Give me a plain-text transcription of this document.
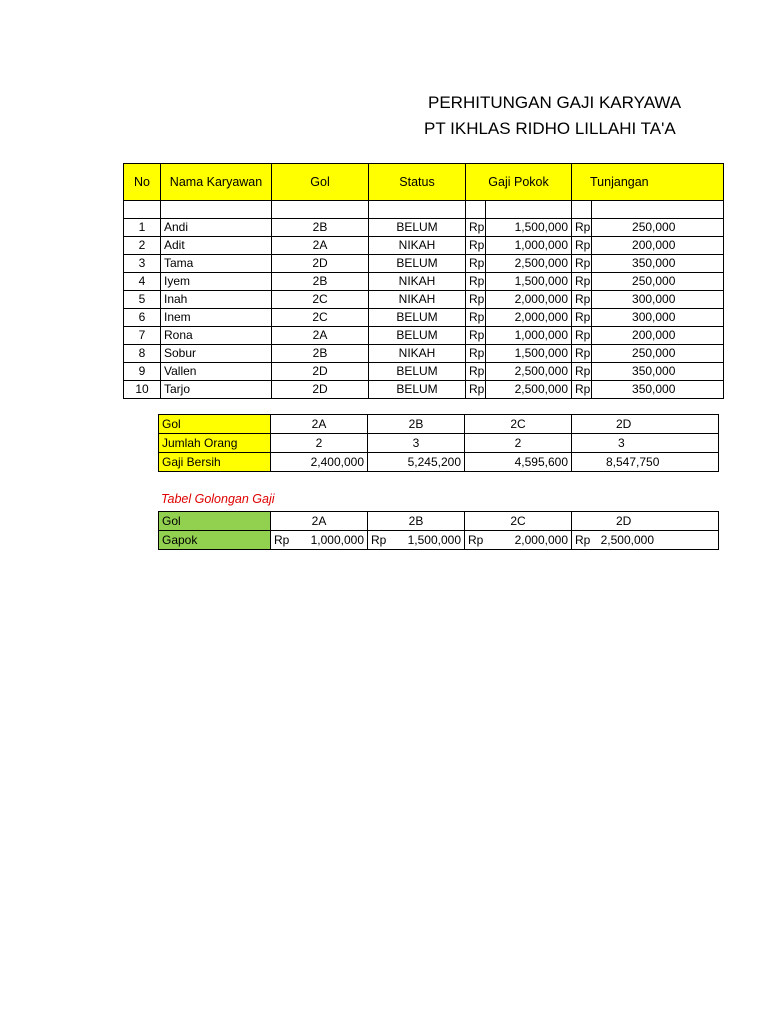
PERHITUNGAN GAJI KARYAWA
PT IKHLAS RIDHO LILLAHI TA'A
No	Nama Karyawan	Gol	Status	Gaji Pokok		Tunjangan	

1	Andi	2B	BELUM	Rp	1,500,000	Rp	250,000
2	Adit	2A	NIKAH	Rp	1,000,000	Rp	200,000
3	Tama	2D	BELUM	Rp	2,500,000	Rp	350,000
4	Iyem	2B	NIKAH	Rp	1,500,000	Rp	250,000
5	Inah	2C	NIKAH	Rp	2,000,000	Rp	300,000
6	Inem	2C	BELUM	Rp	2,000,000	Rp	300,000
7	Rona	2A	BELUM	Rp	1,000,000	Rp	200,000
8	Sobur	2B	NIKAH	Rp	1,500,000	Rp	250,000
9	Vallen	2D	BELUM	Rp	2,500,000	Rp	350,000
10	Tarjo	2D	BELUM	Rp	2,500,000	Rp	350,000
Gol	2A	2B	2C	2D
Jumlah Orang	2	3	2	3
Gaji Bersih	2,400,000	5,245,200	4,595,600	8,547,750
Tabel Golongan Gaji
Gol	2A	2B	2C	2D
Gapok	Rp 1,000,000	Rp 1,500,000	Rp 2,000,000	Rp 2,500,000
